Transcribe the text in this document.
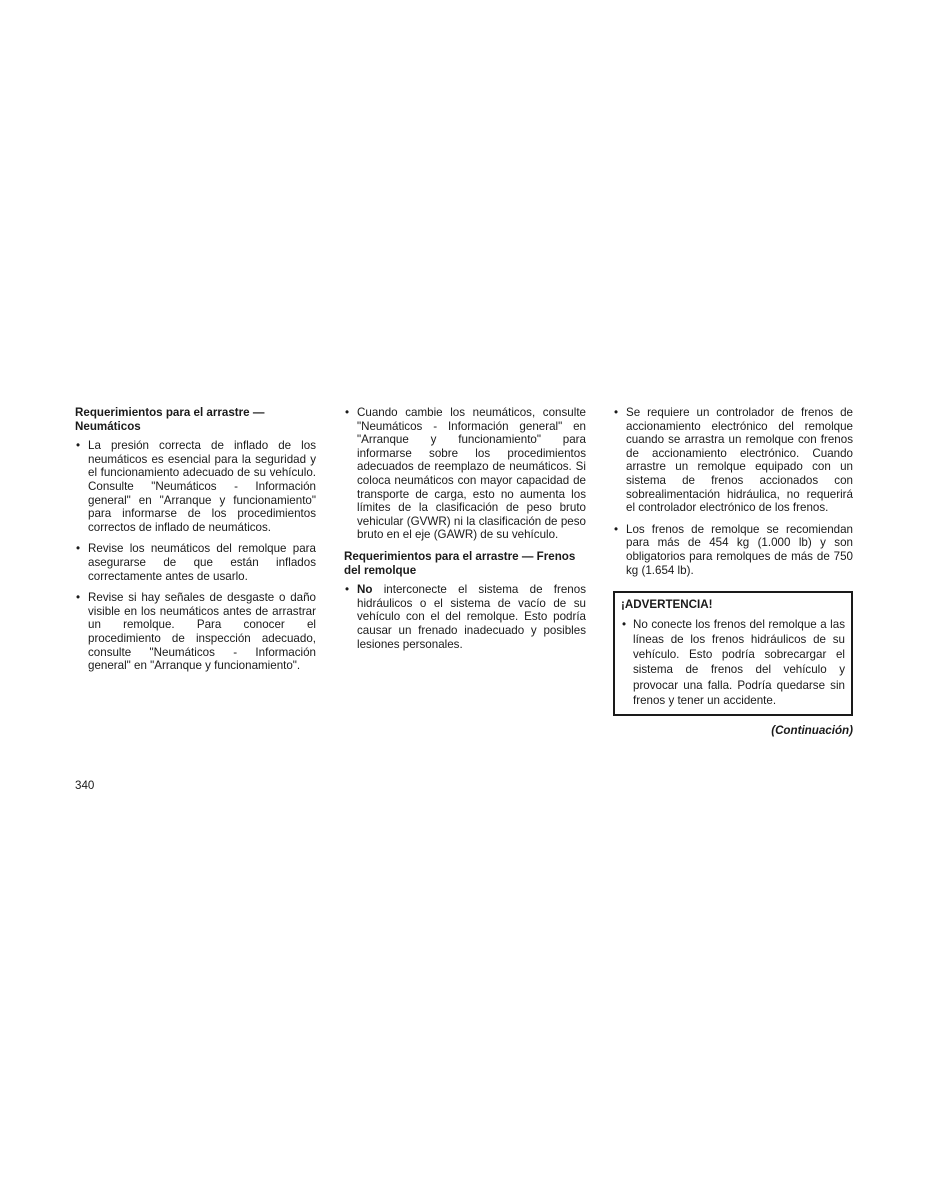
Requerimientos para el arrastre — Neumáticos
• La presión correcta de inflado de los neumáticos es esencial para la seguridad y el funcionamiento adecuado de su vehículo. Consulte "Neumáticos - Información general" en "Arranque y funcionamiento" para informarse de los procedimientos correctos de inflado de neumáticos.
• Revise los neumáticos del remolque para asegurarse de que están inflados correctamente antes de usarlo.
• Revise si hay señales de desgaste o daño visible en los neumáticos antes de arrastrar un remolque. Para conocer el procedimiento de inspección adecuado, consulte "Neumáticos - Información general" en "Arranque y funcionamiento".
• Cuando cambie los neumáticos, consulte "Neumáticos - Información general" en "Arranque y funcionamiento" para informarse sobre los procedimientos adecuados de reemplazo de neumáticos. Si coloca neumáticos con mayor capacidad de transporte de carga, esto no aumenta los límites de la clasificación de peso bruto vehicular (GVWR) ni la clasificación de peso bruto en el eje (GAWR) de su vehículo.
Requerimientos para el arrastre — Frenos del remolque
• No interconecte el sistema de frenos hidráulicos o el sistema de vacío de su vehículo con el del remolque. Esto podría causar un frenado inadecuado y posibles lesiones personales.
• Se requiere un controlador de frenos de accionamiento electrónico del remolque cuando se arrastra un remolque con frenos de accionamiento electrónico. Cuando arrastre un remolque equipado con un sistema de frenos accionados con sobrealimentación hidráulica, no requerirá el controlador electrónico de los frenos.
• Los frenos de remolque se recomiendan para más de 454 kg (1.000 lb) y son obligatorios para remolques de más de 750 kg (1.654 lb).
¡ADVERTENCIA!
• No conecte los frenos del remolque a las líneas de los frenos hidráulicos de su vehículo. Esto podría sobrecargar el sistema de frenos del vehículo y provocar una falla. Podría quedarse sin frenos y tener un accidente.
(Continuación)
340
